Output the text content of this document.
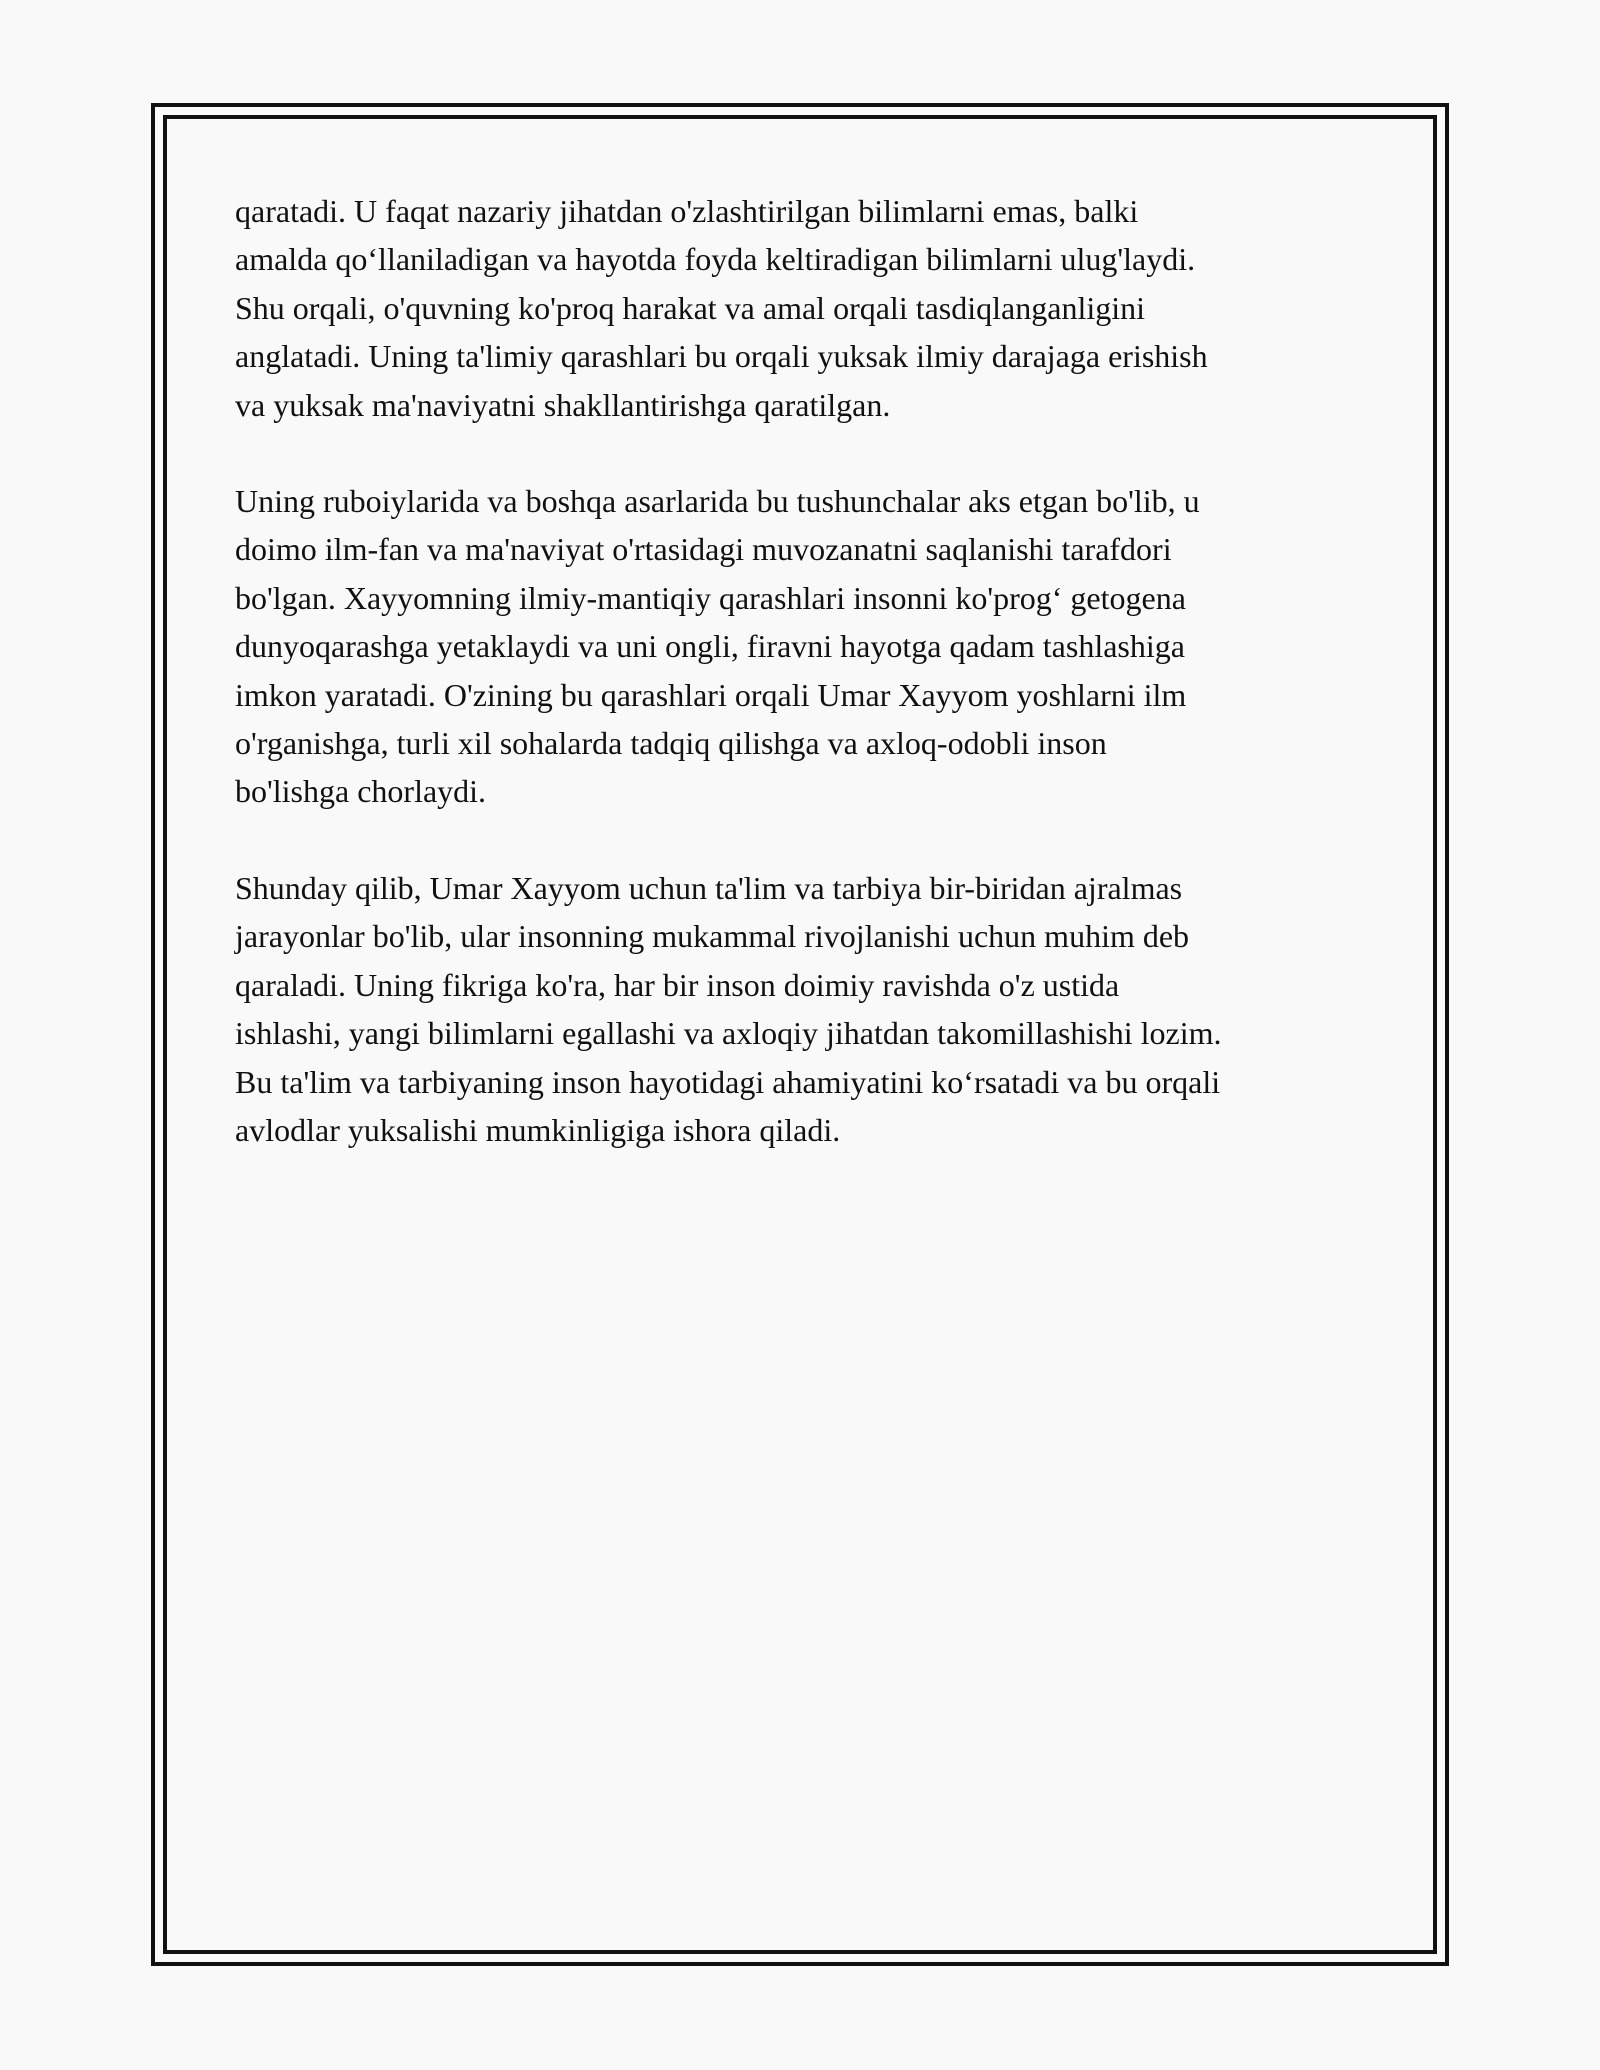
qaratadi. U faqat nazariy jihatdan o'zlashtirilgan bilimlarni emas, balki
amalda qo‘llaniladigan va hayotda foyda keltiradigan bilimlarni ulug'laydi.
Shu orqali, o'quvning ko'proq harakat va amal orqali tasdiqlanganligini
anglatadi. Uning ta'limiy qarashlari bu orqali yuksak ilmiy darajaga erishish
va yuksak ma'naviyatni shakllantirishga qaratilgan.

Uning ruboiylarida va boshqa asarlarida bu tushunchalar aks etgan bo'lib, u
doimo ilm-fan va ma'naviyat o'rtasidagi muvozanatni saqlanishi tarafdori
bo'lgan. Xayyomning ilmiy-mantiqiy qarashlari insonni ko'prog‘ getogena
dunyoqarashga yetaklaydi va uni ongli, firavni hayotga qadam tashlashiga
imkon yaratadi. O'zining bu qarashlari orqali Umar Xayyom yoshlarni ilm
o'rganishga, turli xil sohalarda tadqiq qilishga va axloq-odobli inson
bo'lishga chorlaydi.

Shunday qilib, Umar Xayyom uchun ta'lim va tarbiya bir-biridan ajralmas
jarayonlar bo'lib, ular insonning mukammal rivojlanishi uchun muhim deb
qaraladi. Uning fikriga ko'ra, har bir inson doimiy ravishda o'z ustida
ishlashi, yangi bilimlarni egallashi va axloqiy jihatdan takomillashishi lozim.
Bu ta'lim va tarbiyaning inson hayotidagi ahamiyatini ko‘rsatadi va bu orqali
avlodlar yuksalishi mumkinligiga ishora qiladi.
